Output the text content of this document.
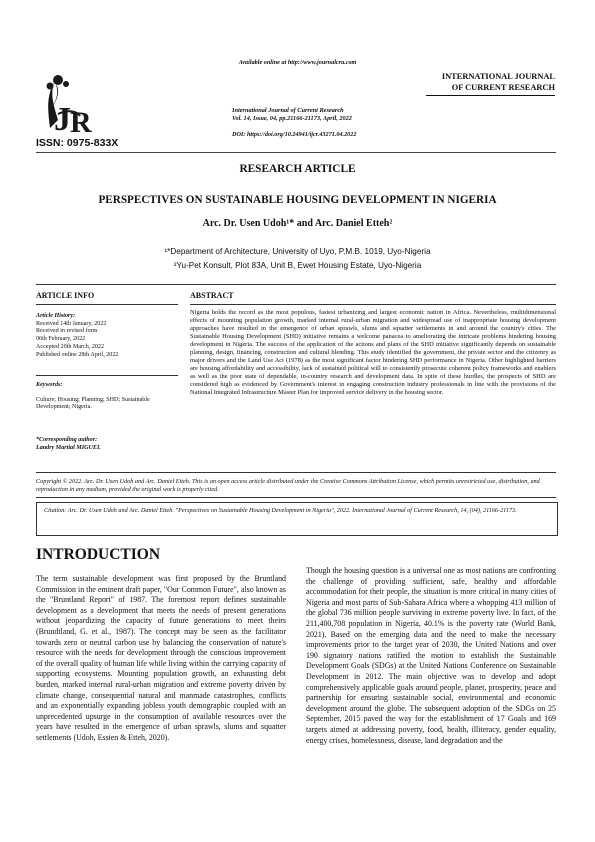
J R
ISSN: 0975-833X
Available online at http://www.journalcra.com
INTERNATIONAL JOURNAL
OF CURRENT RESEARCH
International Journal of Current Research
Vol. 14, Issue, 04, pp.21166-21173, April, 2022
DOI: https://doi.org/10.24941/ijcr.43271.04.2022
RESEARCH ARTICLE
PERSPECTIVES ON SUSTAINABLE HOUSING DEVELOPMENT IN NIGERIA
Arc. Dr. Usen Udoh¹* and Arc. Daniel Etteh²
¹*Department of Architecture, University of Uyo, P.M.B. 1019, Uyo-Nigeria
²Yu-Pet Konsult, Plot 83A, Unit B, Ewet Housing Estate, Uyo-Nigeria
ARTICLE INFO	ABSTRACT
Article History:
Received 14th January, 2022
Received in revised form
06th February, 2022
Accepted 20th March, 2022
Published online 28th April, 2022
Keywords:
Culture; Housing; Planning; SHD; Sustainable Development; Nigeria.
*Corresponding author:
Landry Martial MIGUEL
Nigeria holds the record as the most populous, fastest urbanizing and largest economic nation in Africa. Nevertheless, multidimensional effects of mounting population growth, marked internal rural-urban migration and widespread use of inappropriate housing development approaches have resulted in the emergence of urban sprawls, slums and squatter settlements in and around the country's cities. The Sustainable Housing Development (SHD) initiative remains a welcome panacea to ameliorating the intricate problems hindering housing development in Nigeria. The success of the application of the actions and plans of the SHD initiative significantly depends on sustainable planning, design, financing, construction and cultural blending. This study identified the government, the private sector and the citizenry as major drivers and the Land Use Act (1978) as the most significant factor hindering SHD performance in Nigeria. Other highlighted barriers are housing affordability and accessibility, lack of sustained political will to consistently prosecute coherent policy frameworks and enablers as well as the poor state of dependable, in-country research and development data. In spite of these hurdles, the prospects of SHD are considered high as evidenced by Government's interest in engaging construction industry professionals in line with the provisions of the National Integrated Infrastructure Master Plan for improved service delivery in the housing sector.
Copyright © 2022. Arc. Dr. Usen Udoh and Arc. Daniel Etteh. This is an open access article distributed under the Creative Commons Attribution License, which permits unrestricted use, distribution, and reproduction in any medium, provided the original work is properly cited.
Citation: Arc. Dr. Usen Udoh and Arc. Daniel Etteh. "Perspectives on Sustainable Housing Development in Nigeria", 2022. International Journal of Current Research, 14, (04), 21166-21173.
INTRODUCTION
The term sustainable development was first proposed by the Bruntland Commission in the eminent draft paper, "Our Common Future", also known as the "Bruntland Report" of 1987. The foremost report defines sustainable development as a development that meets the needs of present generations without jeopardizing the capacity of future generations to meet theirs (Brundtland, G. et al., 1987). The concept may be seen as the facilitator towards zero or neutral carbon use by balancing the conservation of nature's resource with the needs for development through the conscious improvement of the overall quality of human life while living within the carrying capacity of supporting ecosystems. Mounting population growth, an exhausting debt burden, marked internal rural-urban migration and extreme poverty driven by climate change, consequential natural and manmade catastrophes, conflicts and an exponentially expanding jobless youth demographic coupled with an unprecedented upsurge in the consumption of available resources over the years have resulted in the emergence of urban sprawls, slums and squatter settlements (Udoh, Essien & Etteh, 2020).
Though the housing question is a universal one as most nations are confronting the challenge of providing sufficient, safe, healthy and affordable accommodation for their people, the situation is more critical in many cities of Nigeria and most parts of Sub-Sahara Africa where a whopping 413 million of the global 736 million people surviving in extreme poverty live. In fact, of the 211,400,708 population in Nigeria, 40.1% is the poverty rate (World Bank, 2021). Based on the emerging data and the need to make the necessary improvements prior to the target year of 2030, the United Nations and over 190 signatory nations ratified the motion to establish the Sustainable Development Goals (SDGs) at the United Nations Conference on Sustainable Development in 2012. The main objective was to develop and adopt comprehensively applicable goals around people, planet, prosperity, peace and partnership for ensuring sustainable social, environmental and economic development around the globe. The subsequent adoption of the SDGs on 25 September, 2015 paved the way for the establishment of 17 Goals and 169 targets aimed at addressing poverty, food, health, illiteracy, gender equality, energy crises, homelessness, disease, land degradation and the
